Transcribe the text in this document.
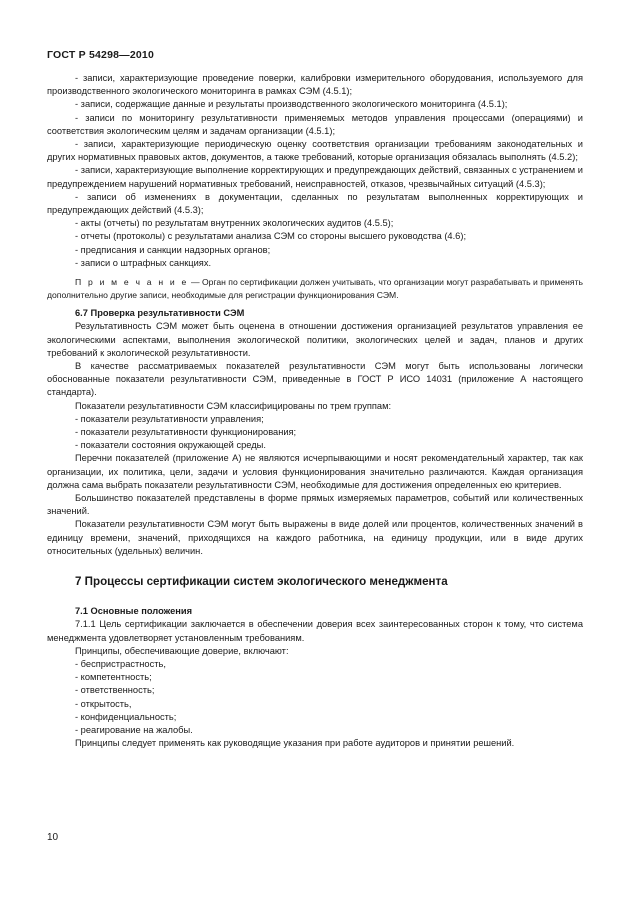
ГОСТ Р 54298—2010

- записи, характеризующие проведение поверки, калибровки измерительного оборудования, используемого для производственного экологического мониторинга в рамках СЭМ (4.5.1);

- записи, содержащие данные и результаты производственного экологического мониторинга (4.5.1);

- записи по мониторингу результативности применяемых методов управления процессами (операциями) и соответствия экологическим целям и задачам организации (4.5.1);

- записи, характеризующие периодическую оценку соответствия организации требованиям законодательных и других нормативных правовых актов, документов, а также требований, которые организация обязалась выполнять (4.5.2);

- записи, характеризующие выполнение корректирующих и предупреждающих действий, связанных с устранением и предупреждением нарушений нормативных требований, неисправностей, отказов, чрезвычайных ситуаций (4.5.3);

- записи об изменениях в документации, сделанных по результатам выполненных корректирующих и предупреждающих действий (4.5.3);

- акты (отчеты) по результатам внутренних экологических аудитов (4.5.5);

- отчеты (протоколы) с результатами анализа СЭМ со стороны высшего руководства (4.6);

- предписания и санкции надзорных органов;

- записи о штрафных санкциях.

П р и м е ч а н и е — Орган по сертификации должен учитывать, что организации могут разрабатывать и применять дополнительно другие записи, необходимые для регистрации функционирования СЭМ.

6.7 Проверка результативности СЭМ

Результативность СЭМ может быть оценена в отношении достижения организацией результатов управления ее экологическими аспектами, выполнения экологической политики, экологических целей и задач, планов и других требований к экологической результативности.

В качестве рассматриваемых показателей результативности СЭМ могут быть использованы логически обоснованные показатели результативности СЭМ, приведенные в ГОСТ Р ИСО 14031 (приложение А настоящего стандарта).

Показатели результативности СЭМ классифицированы по трем группам:

- показатели результативности управления;

- показатели результативности функционирования;

- показатели состояния окружающей среды.

Перечни показателей (приложение А) не являются исчерпывающими и носят рекомендательный характер, так как организации, их политика, цели, задачи и условия функционирования значительно различаются. Каждая организация должна сама выбрать показатели результативности СЭМ, необходимые для достижения определенных ею критериев.

Большинство показателей представлены в форме прямых измеряемых параметров, событий или количественных значений.

Показатели результативности СЭМ могут быть выражены в виде долей или процентов, количественных значений в единицу времени, значений, приходящихся на каждого работника, на единицу продукции, или в виде других относительных (удельных) величин.

7 Процессы сертификации систем экологического менеджмента

7.1 Основные положения

7.1.1 Цель сертификации заключается в обеспечении доверия всех заинтересованных сторон к тому, что система менеджмента удовлетворяет установленным требованиям.

Принципы, обеспечивающие доверие, включают:

- беспристрастность,

- компетентность;

- ответственность;

- открытость,

- конфиденциальность;

- реагирование на жалобы.

Принципы следует применять как руководящие указания при работе аудиторов и принятии решений.

10
